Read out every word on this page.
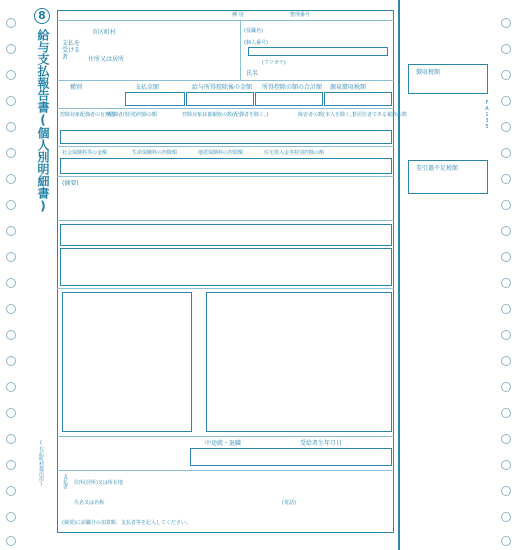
8
給与支払報告書(個人別明細書)
(右記町村提出用)
種 別	整理番号
市区町村
支払を受ける者	住所又は居所
(役職名)
(個人番号)
(フリガナ)
氏名
種別	支払金額	給与所得控除後の金額 所得控除の額の合計額 源泉徴収税額
控除対象配偶者の有無等
配偶者(特別)控除の額	控除対象扶養親族の数(配偶者を除く。)	障害者の数(本人を除く。)
非居住者である親族の数
社会保険料等の金額	生命保険料の控除額	地震保険料の控除額	住宅借入金等特別控除の額
(摘要)
中途就・退職	受給者生年月日
支払者 住所(居所)又は所在地
氏名又は名称	(電話)
(摘要)に前職分の加算額、支払者等を記入してください。
徴収税額
差引過不足税額
FA135
